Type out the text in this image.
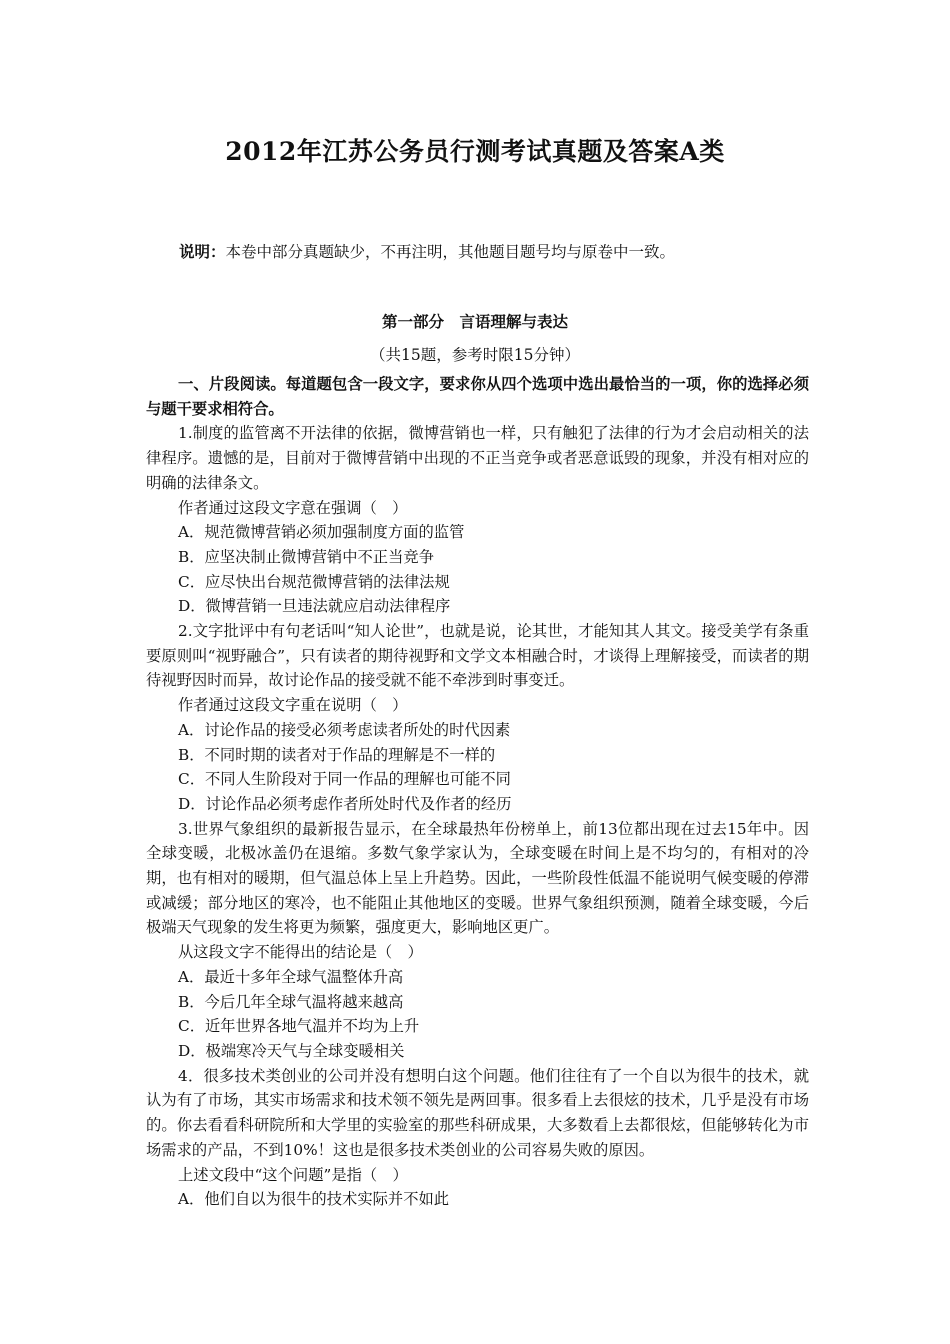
2012年江苏公务员行测考试真题及答案A类
说明：本卷中部分真题缺少，不再注明，其他题目题号均与原卷中一致。
第一部分　言语理解与表达
（共15题，参考时限15分钟）

一、片段阅读。每道题包含一段文字，要求你从四个选项中选出最恰当的一项，你的选择必须与题干要求相符合。

1.制度的监管离不开法律的依据，微博营销也一样，只有触犯了法律的行为才会启动相关的法律程序。遗憾的是，目前对于微博营销中出现的不正当竞争或者恶意诋毁的现象，并没有相对应的明确的法律条文。

作者通过这段文字意在强调（　）

A．规范微博营销必须加强制度方面的监管

B．应坚决制止微博营销中不正当竞争

C．应尽快出台规范微博营销的法律法规

D．微博营销一旦违法就应启动法律程序

2.文字批评中有句老话叫“知人论世”，也就是说，论其世，才能知其人其文。接受美学有条重要原则叫“视野融合”，只有读者的期待视野和文学文本相融合时，才谈得上理解接受，而读者的期待视野因时而异，故讨论作品的接受就不能不牵涉到时事变迁。

作者通过这段文字重在说明（　）

A．讨论作品的接受必须考虑读者所处的时代因素

B．不同时期的读者对于作品的理解是不一样的

C．不同人生阶段对于同一作品的理解也可能不同

D．讨论作品必须考虑作者所处时代及作者的经历

3.世界气象组织的最新报告显示，在全球最热年份榜单上，前13位都出现在过去15年中。因全球变暖，北极冰盖仍在退缩。多数气象学家认为，全球变暖在时间上是不均匀的，有相对的冷期，也有相对的暖期，但气温总体上呈上升趋势。因此，一些阶段性低温不能说明气候变暖的停滞或减缓；部分地区的寒冷，也不能阻止其他地区的变暖。世界气象组织预测，随着全球变暖，今后极端天气现象的发生将更为频繁，强度更大，影响地区更广。

从这段文字不能得出的结论是（　）

A．最近十多年全球气温整体升高

B．今后几年全球气温将越来越高

C．近年世界各地气温并不均为上升

D．极端寒冷天气与全球变暖相关

4．很多技术类创业的公司并没有想明白这个问题。他们往往有了一个自以为很牛的技术，就认为有了市场，其实市场需求和技术领不领先是两回事。很多看上去很炫的技术，几乎是没有市场的。你去看看科研院所和大学里的实验室的那些科研成果，大多数看上去都很炫，但能够转化为市场需求的产品，不到10%！这也是很多技术类创业的公司容易失败的原因。

上述文段中“这个问题”是指（　）

A．他们自以为很牛的技术实际并不如此
